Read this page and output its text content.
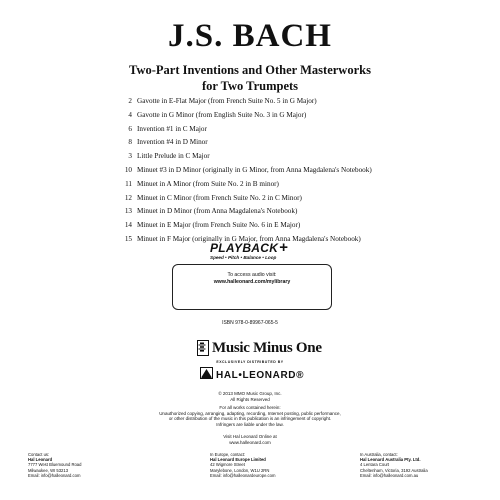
J.S. BACH
Two-Part Inventions and Other Masterworks
for Two Trumpets
2 Gavotte in E-Flat Major (from French Suite No. 5 in G Major)
4 Gavotte in G Minor (from English Suite No. 3 in G Major)
6 Invention #1 in C Major
8 Invention #4 in D Minor
3 Little Prelude in C Major
10 Minuet #3 in D Minor (originally in G Minor, from Anna Magdalena's Notebook)
11 Minuet in A Minor (from Suite No. 2 in B minor)
12 Minuet in C Minor (from French Suite No. 2 in C Minor)
13 Minuet in D Minor (from Anna Magdalena's Notebook)
14 Minuet in E Major (from French Suite No. 6 in E Major)
15 Minuet in F Major (originally in G Major, from Anna Magdalena's Notebook)
PLAYBACK+
Speed • Pitch • Balance • Loop
To access audio visit:
www.halleonard.com/mylibrary
ISBN 978-0-89967-065-5
Music Minus One
EXCLUSIVELY DISTRIBUTED BY
HAL•LEONARD®
© 2013 MMO Music Group, Inc.
All Rights Reserved
For all works contained herein:
Unauthorized copying, arranging, adapting, recording, Internet posting, public performance,
or other distribution of the music in this publication is an infringement of copyright.
Infringers are liable under the law.
Visit Hal Leonard Online at
www.halleonard.com
Contact us:
Hal Leonard
7777 West Bluemound Road
Milwaukee, WI 53213
Email: info@halleonard.com
In Europe, contact:
Hal Leonard Europe Limited
42 Wigmore Street
Marylebone, London, W1U 2RN
Email: info@halleonardeurope.com
In Australia, contact:
Hal Leonard Australia Pty. Ltd.
4 Lentara Court
Cheltenham, Victoria, 3192 Australia
Email: info@halleonard.com.au
